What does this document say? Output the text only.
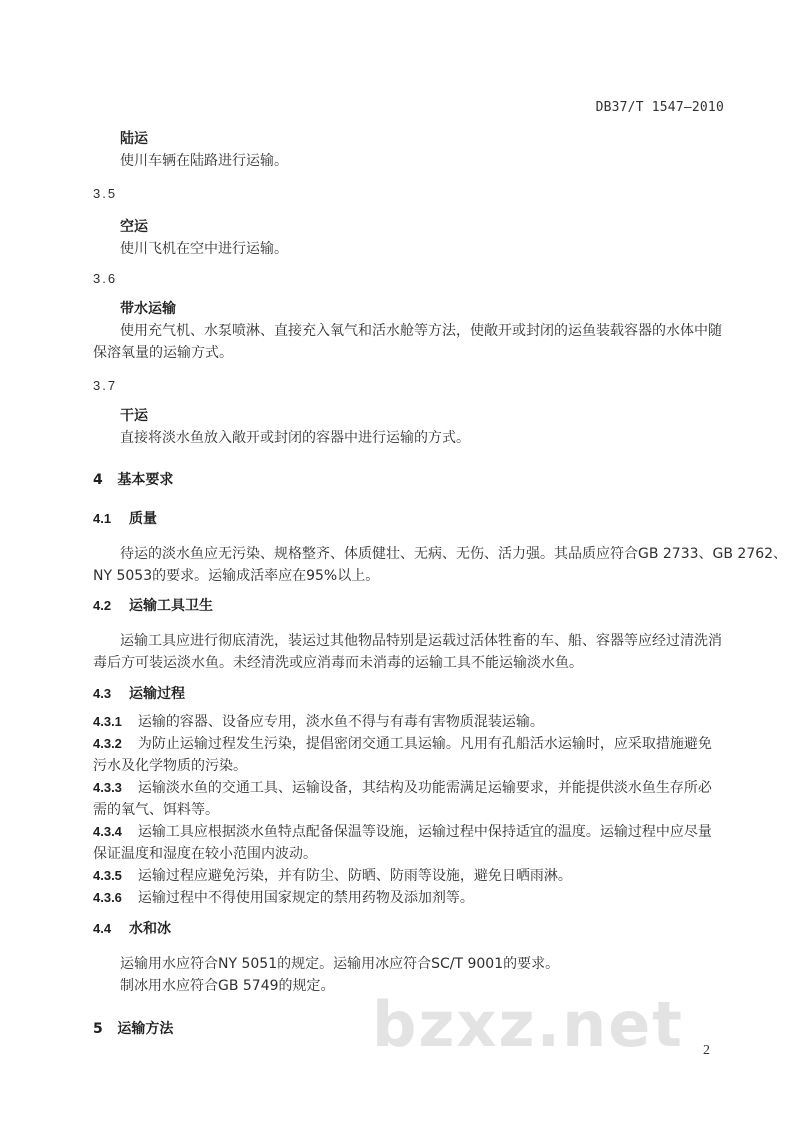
DB37/T 1547—2010
陆运
使川车辆在陆路进行运输。
3.5
空运
使川飞机在空中进行运输。
3.6
带水运输
使用充气机、水泵喷淋、直接充入氧气和活水舱等方法，使敞开或封闭的运鱼装载容器的水体中随
保溶氧量的运输方式。
3.7
干运
直接将淡水鱼放入敞开或封闭的容器中进行运输的方式。
4 基本要求
4.1 质量
待运的淡水鱼应无污染、规格整齐、体质健壮、无病、无伤、活力强。其品质应符合GB 2733、GB 2762、
NY 5053的要求。运输成活率应在95%以上。
4.2 运输工具卫生
运输工具应进行彻底清洗，装运过其他物品特别是运载过活体牲畜的车、船、容器等应经过清洗消
毒后方可装运淡水鱼。未经清洗或应消毒而未消毒的运输工具不能运输淡水鱼。
4.3 运输过程
4.3.1 运输的容器、设备应专用，淡水鱼不得与有毒有害物质混装运输。
4.3.2 为防止运输过程发生污染，提倡密闭交通工具运输。凡用有孔船活水运输时，应采取措施避免
污水及化学物质的污染。
4.3.3 运输淡水鱼的交通工具、运输设备，其结构及功能需满足运输要求，并能提供淡水鱼生存所必
需的氧气、饵料等。
4.3.4 运输工具应根据淡水鱼特点配备保温等设施，运输过程中保持适宜的温度。运输过程中应尽量
保证温度和湿度在较小范围内波动。
4.3.5 运输过程应避免污染，并有防尘、防晒、防雨等设施，避免日晒雨淋。
4.3.6 运输过程中不得使用国家规定的禁用药物及添加剂等。
4.4 水和冰
运输用水应符合NY 5051的规定。运输用冰应符合SC/T 9001的要求。
制冰用水应符合GB 5749的规定。
5 运输方法	bzxz.net 2
